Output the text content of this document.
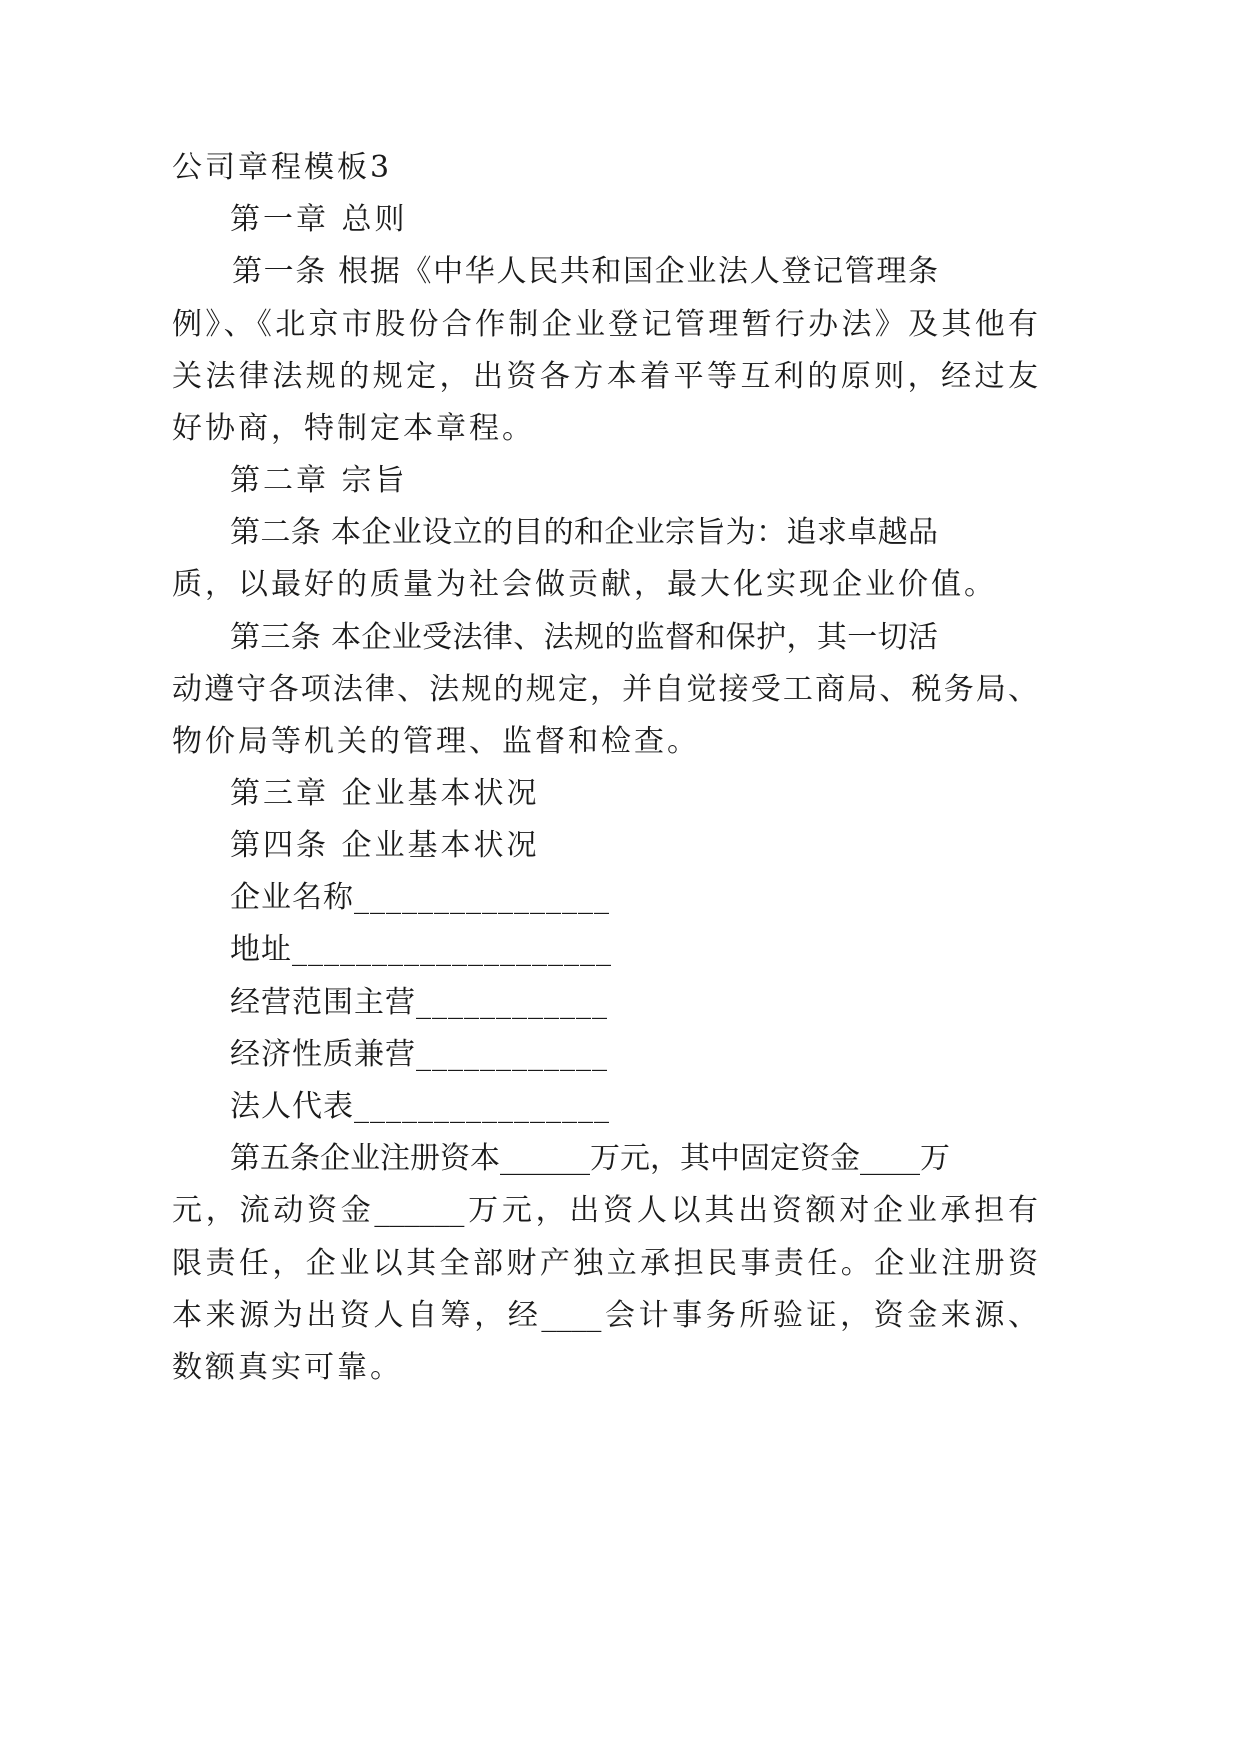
公司章程模板3
第一章 总则
第一条 根据《中华人民共和国企业法人登记管理条
例》、《北京市股份合作制企业登记管理暂行办法》及其他有
关法律法规的规定，出资各方本着平等互利的原则，经过友
好协商，特制定本章程。
第二章 宗旨
第二条 本企业设立的目的和企业宗旨为：追求卓越品
质，以最好的质量为社会做贡献，最大化实现企业价值。
第三条 本企业受法律、法规的监督和保护，其一切活
动遵守各项法律、法规的规定，并自觉接受工商局、税务局、
物价局等机关的管理、监督和检查。
第三章 企业基本状况
第四条 企业基本状况
企业名称________________
地址____________________
经营范围主营____________
经济性质兼营____________
法人代表________________
第五条企业注册资本______万元，其中固定资金____万
元，流动资金______万元，出资人以其出资额对企业承担有
限责任，企业以其全部财产独立承担民事责任。企业注册资
本来源为出资人自筹，经____会计事务所验证，资金来源、
数额真实可靠。
